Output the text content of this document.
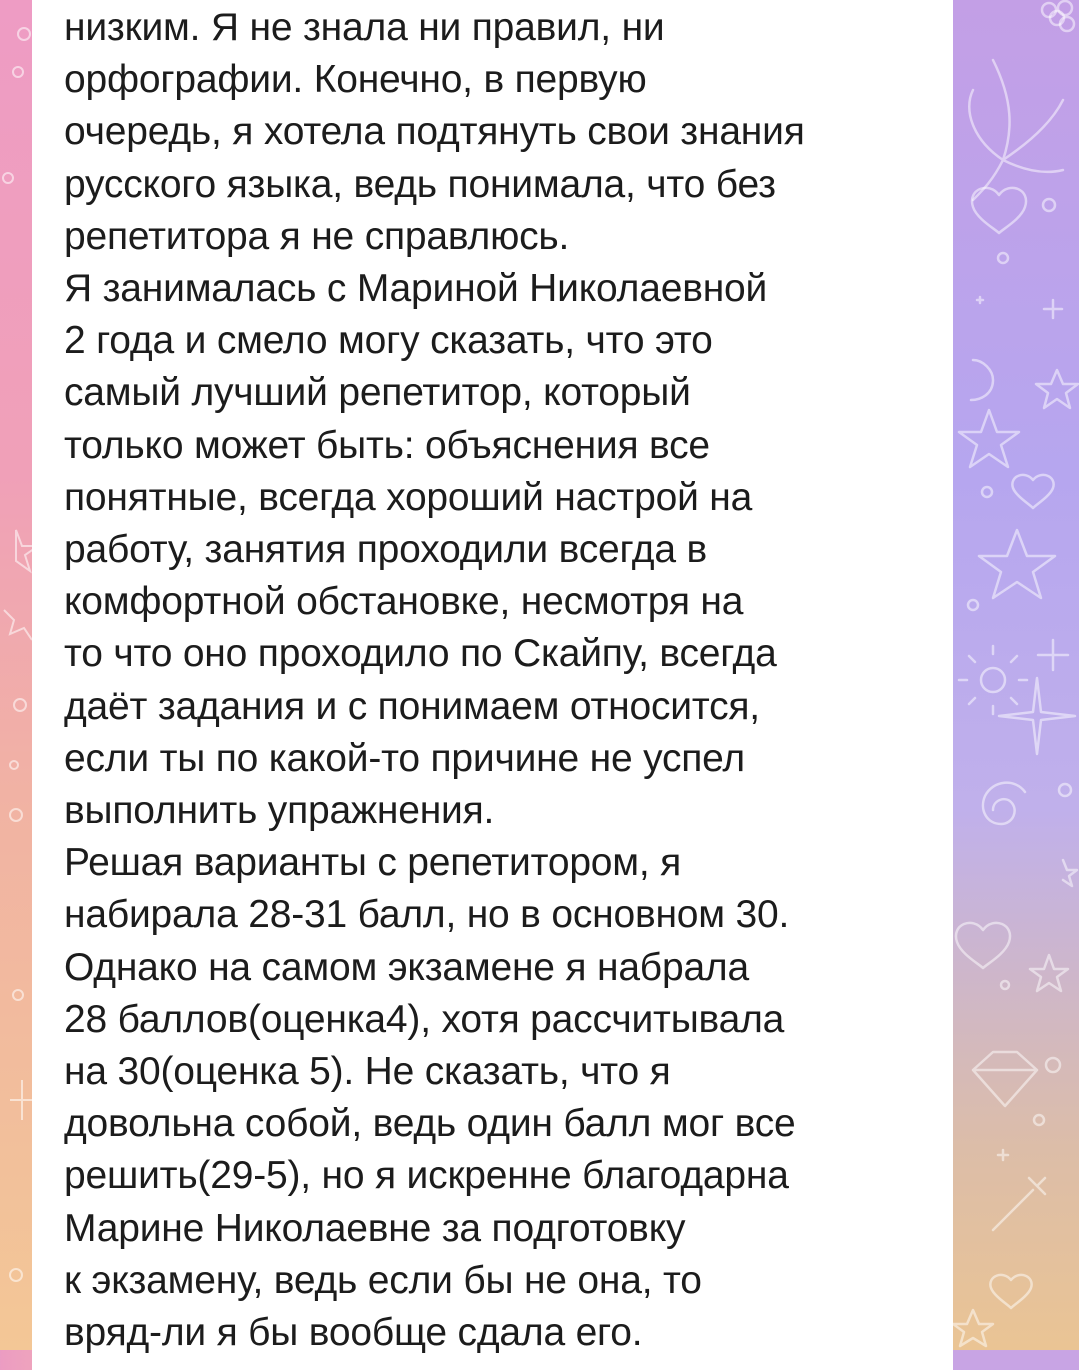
низким. Я не знала ни правил, ни
орфографии. Конечно, в первую
очередь, я хотела подтянуть свои знания
русского языка, ведь понимала, что без
репетитора я не справлюсь.
Я занималась с Мариной Николаевной
2 года и смело могу сказать, что это
самый лучший репетитор, который
только может быть: объяснения все
понятные, всегда хороший настрой на
работу, занятия проходили всегда в
комфортной обстановке, несмотря на
то что оно проходило по Скайпу, всегда
даёт задания и с понимаем относится,
если ты по какой-то причине не успел
выполнить упражнения.
Решая варианты с репетитором, я
набирала 28-31 балл, но в основном 30.
Однако на самом экзамене я набрала
28 баллов(оценка4), хотя рассчитывала
на 30(оценка 5). Не сказать, что я
довольна собой, ведь один балл мог все
решить(29-5), но я искренне благодарна
Марине Николаевне за подготовку
к экзамену, ведь если бы не она, то
вряд-ли я бы вообще сдала его.
